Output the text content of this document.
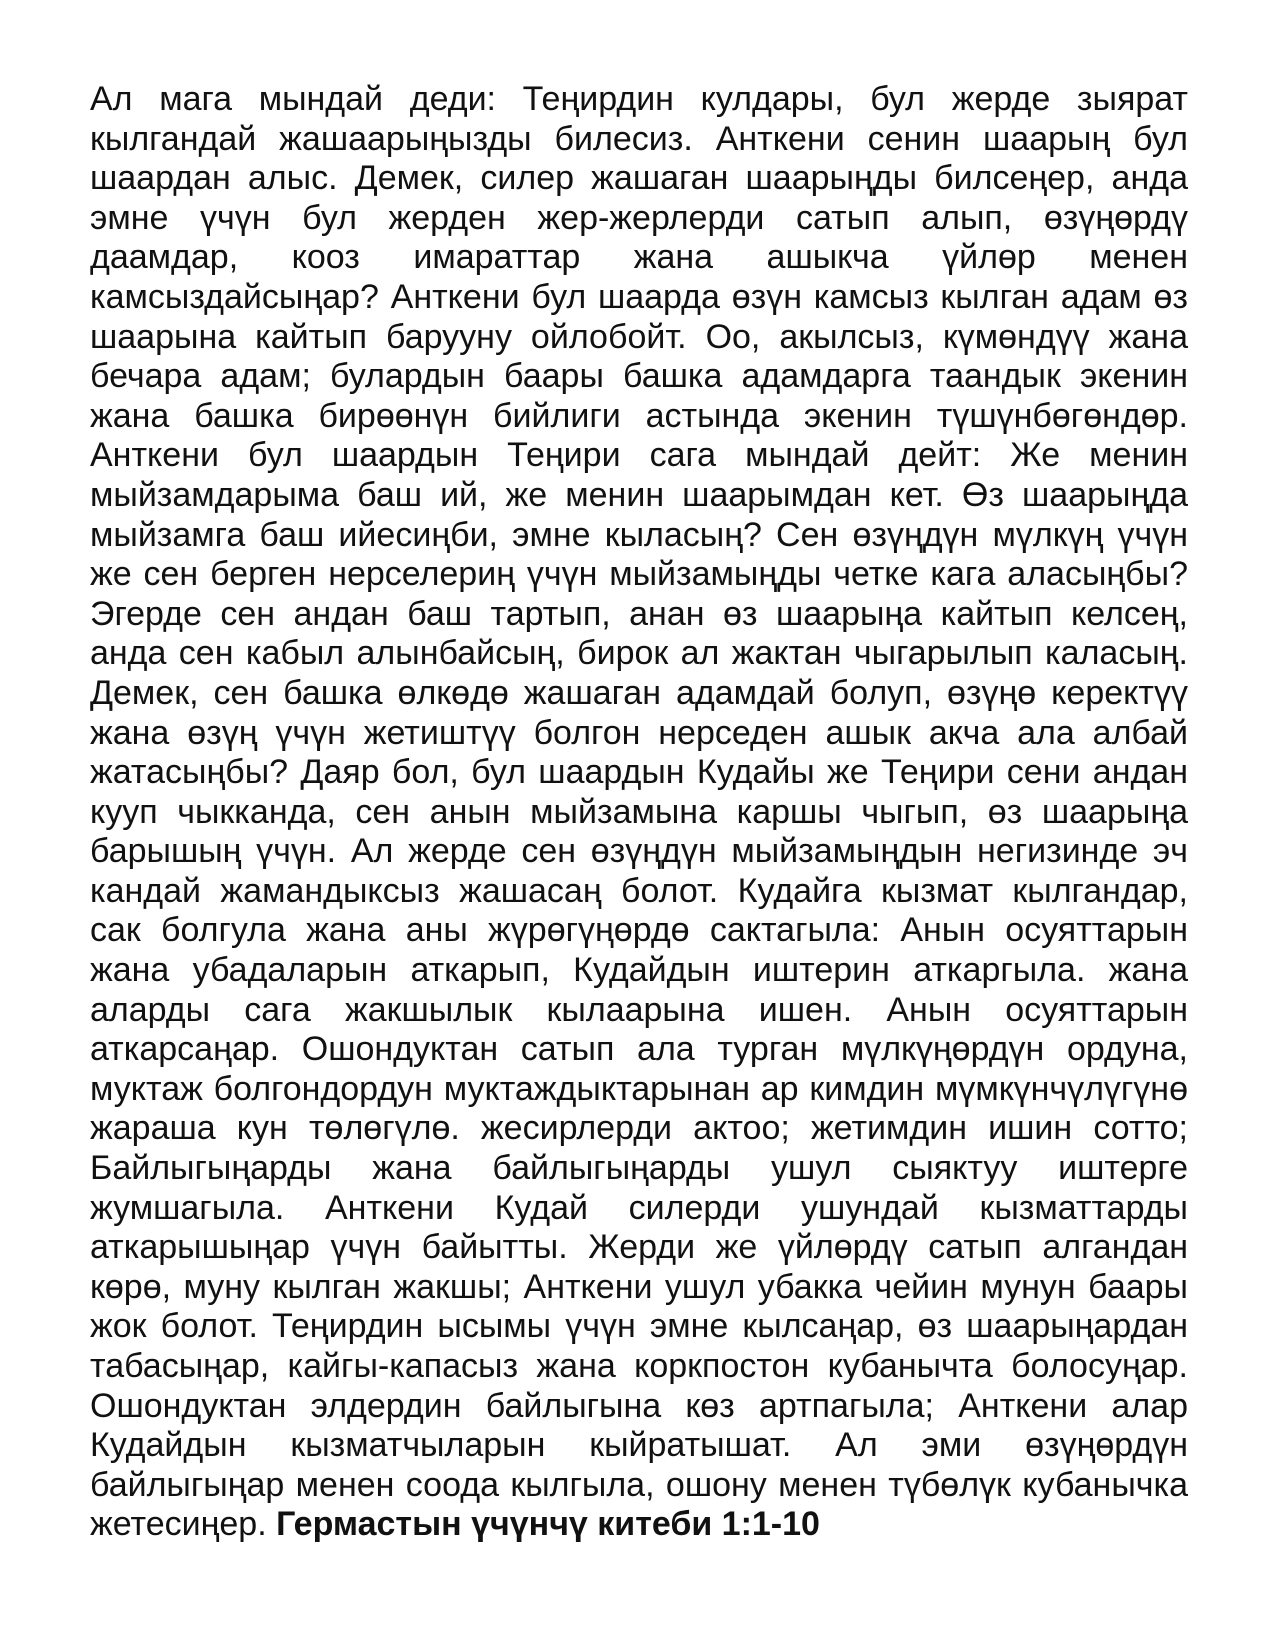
Ал мага мындай деди: Теңирдин кулдары, бул жерде зыярат кылгандай жашаарыңызды билесиз. Анткени сенин шаарың бул шаардан алыс. Демек, силер жашаган шаарыңды билсеңер, анда эмне үчүн бул жерден жер-жерлерди сатып алып, өзүңөрдү даамдар, кооз имараттар жана ашыкча үйлөр менен камсыздайсыңар? Анткени бул шаарда өзүн камсыз кылган адам өз шаарына кайтып барууну ойлобойт. Оо, акылсыз, күмөндүү жана бечара адам; булардын баары башка адамдарга таандык экенин жана башка бирөөнүн бийлиги астында экенин түшүнбөгөндөр. Анткени бул шаардын Теңири сага мындай дейт: Же менин мыйзамдарыма баш ий, же менин шаарымдан кет. Өз шаарыңда мыйзамга баш ийесиңби, эмне кыласың? Сен өзүңдүн мүлкүң үчүн же сен берген нерселериң үчүн мыйзамыңды четке кага аласыңбы? Эгерде сен андан баш тартып, анан өз шаарыңа кайтып келсең, анда сен кабыл алынбайсың, бирок ал жактан чыгарылып каласың. Демек, сен башка өлкөдө жашаган адамдай болуп, өзүңө керектүү жана өзүң үчүн жетиштүү болгон нерседен ашык акча ала албай жатасыңбы? Даяр бол, бул шаардын Кудайы же Теңири сени андан кууп чыкканда, сен анын мыйзамына каршы чыгып, өз шаарыңа барышың үчүн. Ал жерде сен өзүңдүн мыйзамыңдын негизинде эч кандай жамандыксыз жашасаң болот. Кудайга кызмат кылгандар, сак болгула жана аны жүрөгүңөрдө сактагыла: Анын осуяттарын жана убадаларын аткарып, Кудайдын иштерин аткаргыла. жана аларды сага жакшылык кылаарына ишен. Анын осуяттарын аткарсаңар. Ошондуктан сатып ала турган мүлкүңөрдүн ордуна, муктаж болгондордун муктаждыктарынан ар кимдин мүмкүнчүлүгүнө жараша кун төлөгүлө. жесирлерди актоо; жетимдин ишин сотто; Байлыгыңарды жана байлыгыңарды ушул сыяктуу иштерге жумшагыла. Анткени Кудай силерди ушундай кызматтарды аткарышыңар үчүн байытты. Жерди же үйлөрдү сатып алгандан көрө, муну кылган жакшы; Анткени ушул убакка чейин мунун баары жок болот. Теңирдин ысымы үчүн эмне кылсаңар, өз шаарыңардан табасыңар, кайгы-капасыз жана коркпостон кубанычта болосуңар. Ошондуктан элдердин байлыгына көз артпагыла; Анткени алар Кудайдын кызматчыларын кыйратышат. Ал эми өзүңөрдүн байлыгыңар менен соода кылгыла, ошону менен түбөлүк кубанычка жетесиңер. Гермастын үчүнчү китеби 1:1-10
